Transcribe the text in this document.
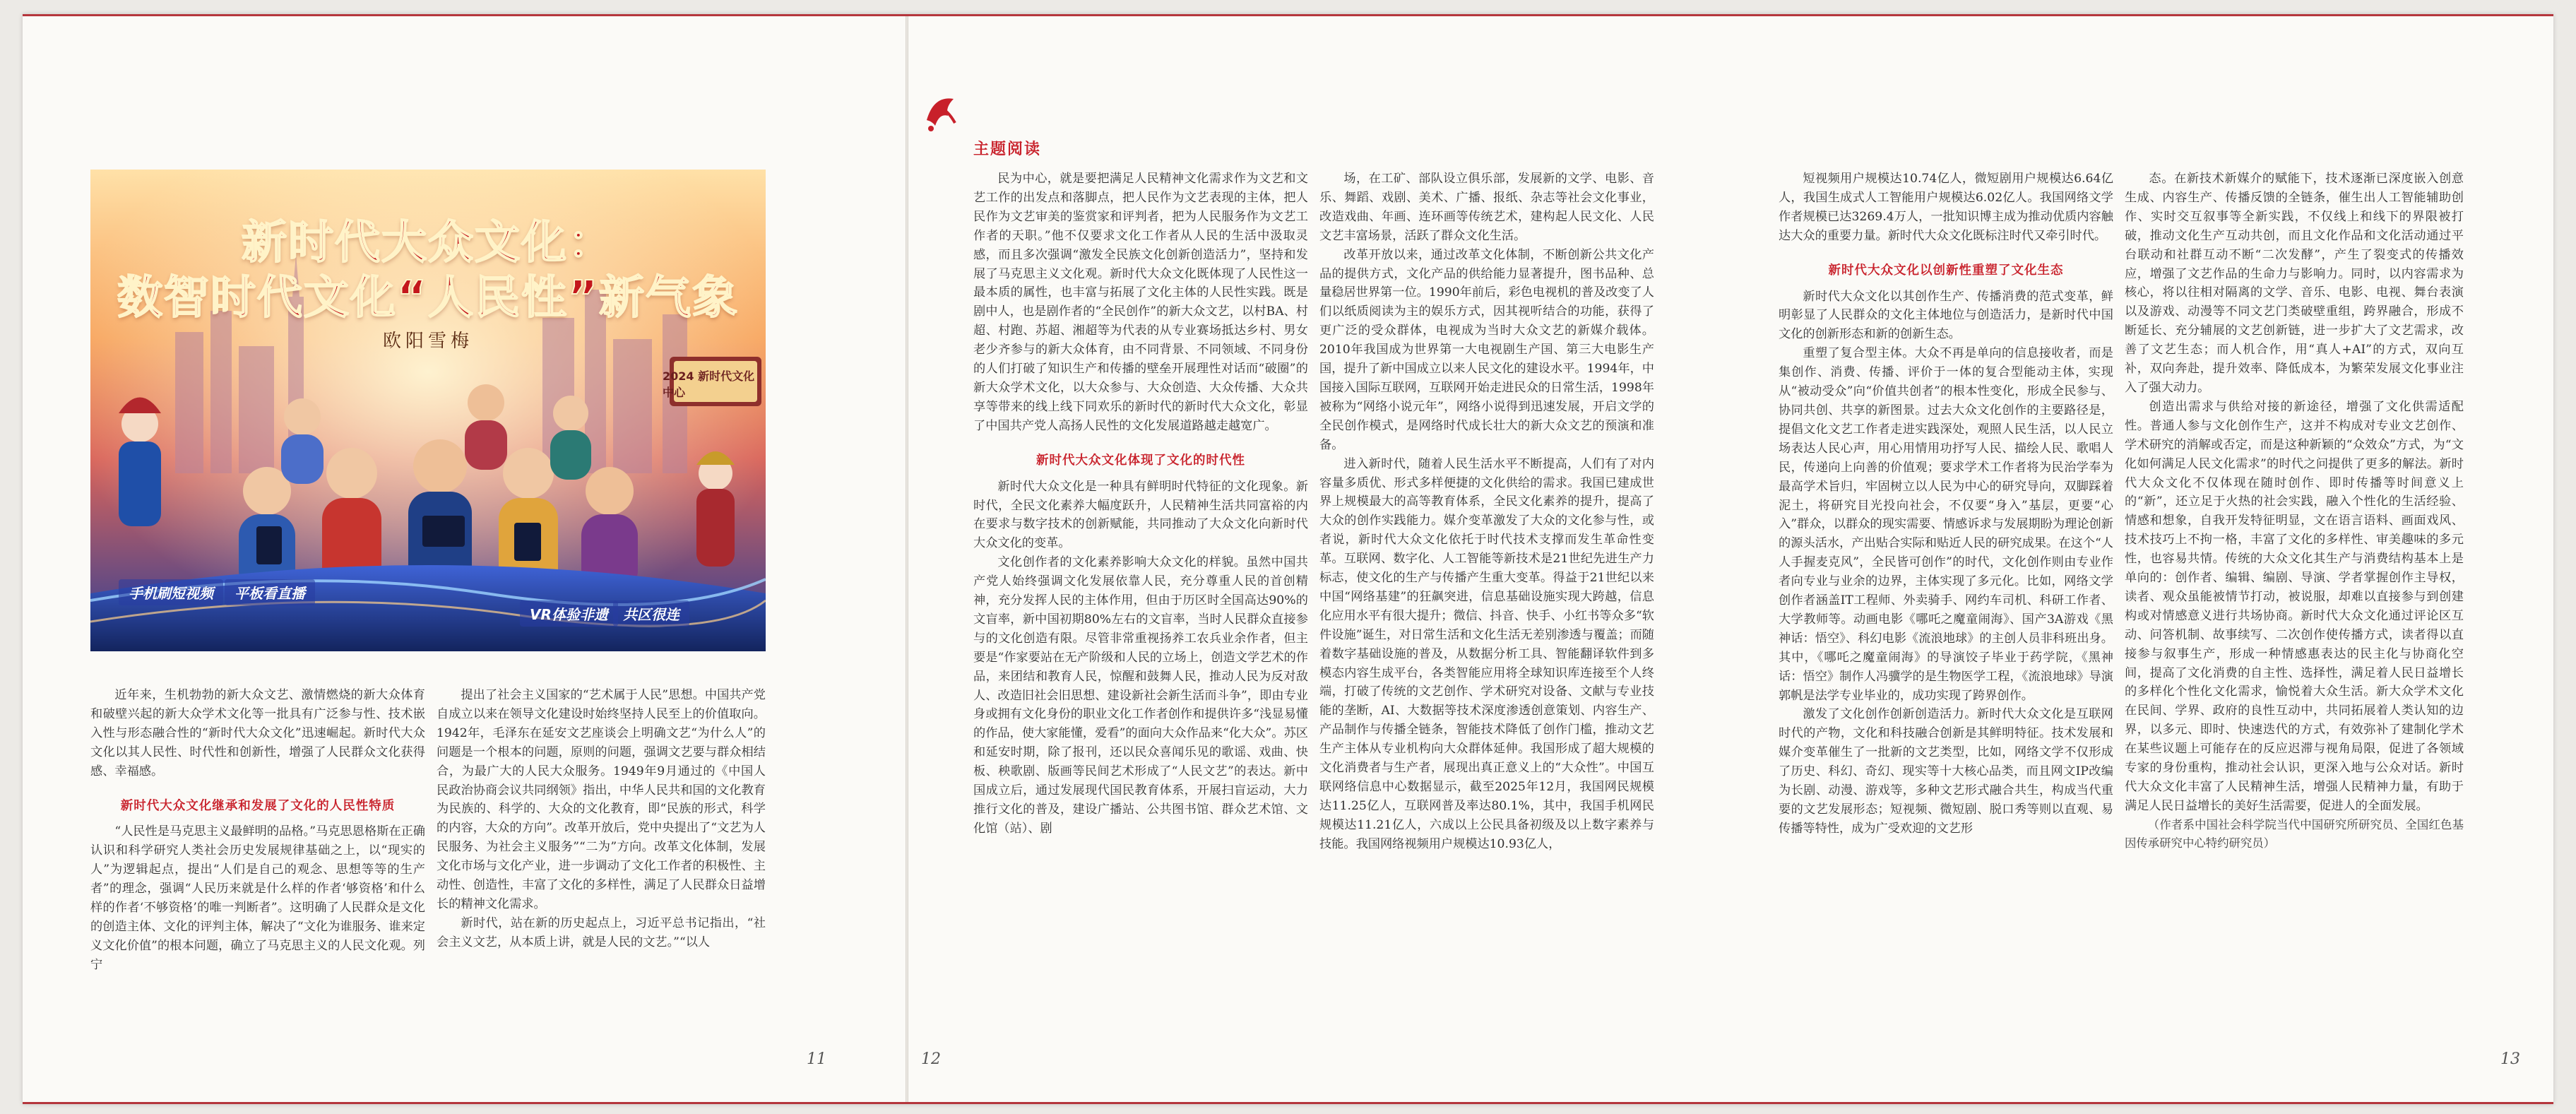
新时代大众文化：
数智时代文化“人民性”新气象
欧阳雪梅
2024 新时代文化中心
手机刷短视频	平板看直播
VR体验非遗	共区很连

近年来，生机勃勃的新大众文艺、激情燃烧的新大众体育和破壁兴起的新大众学术文化等一批具有广泛参与性、技术嵌入性与形态融合性的“新时代大众文化”迅速崛起。新时代大众文化以其人民性、时代性和创新性，增强了人民群众文化获得感、幸福感。

新时代大众文化继承和发展了文化的人民性特质

“人民性是马克思主义最鲜明的品格。”马克思恩格斯在正确认识和科学研究人类社会历史发展规律基础之上，以“现实的人”为逻辑起点，提出“人们是自己的观念、思想等等的生产者”的理念，强调“人民历来就是什么样的作者‘够资格’和什么样的作者‘不够资格’的唯一判断者”。这明确了人民群众是文化的创造主体、文化的评判主体，解决了“文化为谁服务、谁来定义文化价值”的根本问题，确立了马克思主义的人民文化观。列宁

提出了社会主义国家的“艺术属于人民”思想。中国共产党自成立以来在领导文化建设时始终坚持人民至上的价值取向。1942年，毛泽东在延安文艺座谈会上明确文艺“为什么人”的问题是一个根本的问题，原则的问题，强调文艺要与群众相结合，为最广大的人民大众服务。1949年9月通过的《中国人民政治协商会议共同纲领》指出，中华人民共和国的文化教育为民族的、科学的、大众的文化教育，即“民族的形式，科学的内容，大众的方向”。改革开放后，党中央提出了“文艺为人民服务、为社会主义服务”“二为”方向。改革文化体制，发展文化市场与文化产业，进一步调动了文化工作者的积极性、主动性、创造性，丰富了文化的多样性，满足了人民群众日益增长的精神文化需求。

新时代，站在新的历史起点上，习近平总书记指出，“社会主义文艺，从本质上讲，就是人民的文艺。”“以人

11
主题阅读

民为中心，就是要把满足人民精神文化需求作为文艺和文艺工作的出发点和落脚点，把人民作为文艺表现的主体，把人民作为文艺审美的鉴赏家和评判者，把为人民服务作为文艺工作者的天职。”他不仅要求文化工作者从人民的生活中汲取灵感，而且多次强调“激发全民族文化创新创造活力”，坚持和发展了马克思主义文化观。新时代大众文化既体现了人民性这一最本质的属性，也丰富与拓展了文化主体的人民性实践。既是剧中人，也是剧作者的“全民创作”的新大众文艺，以村BA、村超、村跑、苏超、湘超等为代表的从专业赛场抵达乡村、男女老少齐参与的新大众体育，由不同背景、不同领域、不同身份的人们打破了知识生产和传播的壁垒开展理性对话而“破圈”的新大众学术文化，以大众参与、大众创造、大众传播、大众共享等带来的线上线下同欢乐的新时代的新时代大众文化，彰显了中国共产党人高扬人民性的文化发展道路越走越宽广。

新时代大众文化体现了文化的时代性

新时代大众文化是一种具有鲜明时代特征的文化现象。新时代，全民文化素养大幅度跃升，人民精神生活共同富裕的内在要求与数字技术的创新赋能，共同推动了大众文化向新时代大众文化的变革。

文化创作者的文化素养影响大众文化的样貌。虽然中国共产党人始终强调文化发展依靠人民，充分尊重人民的首创精神，充分发挥人民的主体作用，但由于历区时全国高达90%的文盲率，新中国初期80%左右的文盲率，当时人民群众直接参与的文化创造有限。尽管非常重视扬养工农兵业余作者，但主要是“作家要站在无产阶级和人民的立场上，创造文学艺术的作品，来团结和教育人民，惊醒和鼓舞人民，推动人民为反对敌人、改造旧社会旧思想、建设新社会新生活而斗争”，即由专业身或拥有文化身份的职业文化工作者创作和提供许多“浅显易懂的作品，使大家能懂，爱看”的面向大众作品来“化大众”。苏区和延安时期，除了报刊，还以民众喜闻乐见的歌谣、戏曲、快板、秧歌剧、版画等民间艺术形成了“人民文艺”的表达。新中国成立后，通过发展现代国民教育体系，开展扫盲运动，大力推行文化的普及，建设广播站、公共图书馆、群众艺术馆、文化馆（站）、剧

场，在工矿、部队设立俱乐部，发展新的文学、电影、音乐、舞蹈、戏剧、美术、广播、报纸、杂志等社会文化事业，改造戏曲、年画、连环画等传统艺术，建构起人民文化、人民文艺丰富场景，活跃了群众文化生活。

改革开放以来，通过改革文化体制，不断创新公共文化产品的提供方式，文化产品的供给能力显著提升，图书品种、总量稳居世界第一位。1990年前后，彩色电视机的普及改变了人们以纸质阅读为主的娱乐方式，因其视听结合的功能，获得了更广泛的受众群体，电视成为当时大众文艺的新媒介载体。2010年我国成为世界第一大电视剧生产国、第三大电影生产国，提升了新中国成立以来人民文化的建设水平。1994年，中国接入国际互联网，互联网开始走进民众的日常生活，1998年被称为“网络小说元年”，网络小说得到迅速发展，开启文学的全民创作模式，是网络时代成长壮大的新大众文艺的预演和准备。

进入新时代，随着人民生活水平不断提高，人们有了对内容量多质优、形式多样便捷的文化供给的需求。我国已建成世界上规模最大的高等教育体系，全民文化素养的提升，提高了大众的创作实践能力。媒介变革激发了大众的文化参与性，或者说，新时代大众文化依托于时代技术支撑而发生革命性变革。互联网、数字化、人工智能等新技术是21世纪先进生产力标志，使文化的生产与传播产生重大变革。得益于21世纪以来中国“网络基建”的狂飙突进，信息基础设施实现大跨越，信息化应用水平有很大提升；微信、抖音、快手、小红书等众多“软件设施”诞生，对日常生活和文化生活无差别渗透与覆盖；而随着数字基础设施的普及，从数据分析工具、智能翻译软件到多模态内容生成平台，各类智能应用将全球知识库连接至个人终端，打破了传统的文艺创作、学术研究对设备、文献与专业技能的垄断，AI、大数据等技术深度渗透创意策划、内容生产、产品制作与传播全链条，智能技术降低了创作门槛，推动文艺生产主体从专业机构向大众群体延伸。我国形成了超大规模的文化消费者与生产者，展现出真正意义上的“大众性”。中国互联网络信息中心数据显示，截至2025年12月，我国网民规模达11.25亿人，互联网普及率达80.1%，其中，我国手机网民规模达11.21亿人，六成以上公民具备初级及以上数字素养与技能。我国网络视频用户规模达10.93亿人，

短视频用户规模达10.74亿人，微短剧用户规模达6.64亿人，我国生成式人工智能用户规模达6.02亿人。我国网络文学作者规模已达3269.4万人，一批知识博主成为推动优质内容触达大众的重要力量。新时代大众文化既标注时代又牵引时代。

新时代大众文化以创新性重塑了文化生态

新时代大众文化以其创作生产、传播消费的范式变革，鲜明彰显了人民群众的文化主体地位与创造活力，是新时代中国文化的创新形态和新的创新生态。

重塑了复合型主体。大众不再是单向的信息接收者，而是集创作、消费、传播、评价于一体的复合型能动主体，实现从“被动受众”向“价值共创者”的根本性变化，形成全民参与、协同共创、共享的新图景。过去大众文化创作的主要路径是，提倡文化文艺工作者走进实践深处，观照人民生活，以人民立场表达人民心声，用心用情用功抒写人民、描绘人民、歌唱人民，传递向上向善的价值观；要求学术工作者将为民治学奉为最高学术旨归，牢固树立以人民为中心的研究导向，双脚踩着泥土，将研究目光投向社会，不仅要“身入”基层，更要“心入”群众，以群众的现实需要、情感诉求与发展期盼为理论创新的源头活水，产出贴合实际和贴近人民的研究成果。在这个“人人手握麦克风”，全民皆可创作”的时代，文化创作则由专业作者向专业与业余的边界，主体实现了多元化。比如，网络文学创作者涵盖IT工程师、外卖骑手、网约车司机、科研工作者、大学教师等。动画电影《哪吒之魔童闹海》、国产3A游戏《黑神话：悟空》、科幻电影《流浪地球》的主创人员非科班出身。其中，《哪吒之魔童闹海》的导演饺子毕业于药学院，《黑神话：悟空》制作人冯骥学的是生物医学工程，《流浪地球》导演郭帆是法学专业毕业的，成功实现了跨界创作。

激发了文化创作创新创造活力。新时代大众文化是互联网时代的产物，文化和科技融合创新是其鲜明特征。技术发展和媒介变革催生了一批新的文艺类型，比如，网络文学不仅形成了历史、科幻、奇幻、现实等十大核心品类，而且网文IP改编为长剧、动漫、游戏等，多种文艺形式融合共生，构成当代重要的文艺发展形态；短视频、微短剧、脱口秀等则以直观、易传播等特性，成为广受欢迎的文艺形

态。在新技术新媒介的赋能下，技术逐渐已深度嵌入创意生成、内容生产、传播反馈的全链条，催生出人工智能辅助创作、实时交互叙事等全新实践，不仅线上和线下的界限被打破，推动文化生产互动共创，而且文化作品和文化活动通过平台联动和社群互动不断“二次发酵”，产生了裂变式的传播效应，增强了文艺作品的生命力与影响力。同时，以内容需求为核心，将以往相对隔离的文学、音乐、电影、电视、舞台表演以及游戏、动漫等不同文艺门类破壁重组，跨界融合，形成不断延长、充分辅展的文艺创新链，进一步扩大了文艺需求，改善了文艺生态；而人机合作，用“真人+AI”的方式，双向互补，双向奔赴，提升效率、降低成本，为繁荣发展文化事业注入了强大动力。

创造出需求与供给对接的新途径，增强了文化供需适配性。普通人参与文化创作生产，这并不构成对专业文艺创作、学术研究的消解或否定，而是这种新颖的“众效众”方式，为“文化如何满足人民文化需求”的时代之问提供了更多的解法。新时代大众文化不仅体现在随时创作、即时传播等时间意义上的“新”，还立足于火热的社会实践，融入个性化的生活经验、情感和想象，自我开发特征明显，文在语言语料、画面戏风、技术技巧上不拘一格，丰富了文化的多样性、审美趣味的多元性，也容易共情。传统的大众文化其生产与消费结构基本上是单向的：创作者、编辑、编剧、导演、学者掌握创作主导权，读者、观众虽能被情节打动，被说服，却难以直接参与到创建构或对情感意义进行共场协商。新时代大众文化通过评论区互动、问答机制、故事续写、二次创作使传播方式，读者得以直接参与叙事生产，形成一种情感惠表达的民主化与协商化空间，提高了文化消费的自主性、选择性，满足着人民日益增长的多样化个性化文化需求，愉悦着大众生活。新大众学术文化在民间、学界、政府的良性互动中，共同拓展着人类认知的边界，以多元、即时、快速迭代的方式，有效弥补了建制化学术在某些议题上可能存在的反应迟滞与视角局限，促进了各领域专家的身份重构，推动社会认识，更深入地与公众对话。新时代大众文化丰富了人民精神生活，增强人民精神力量，有助于满足人民日益增长的美好生活需要，促进人的全面发展。

（作者系中国社会科学院当代中国研究所研究员、全国红色基因传承研究中心特约研究员）

12	13
